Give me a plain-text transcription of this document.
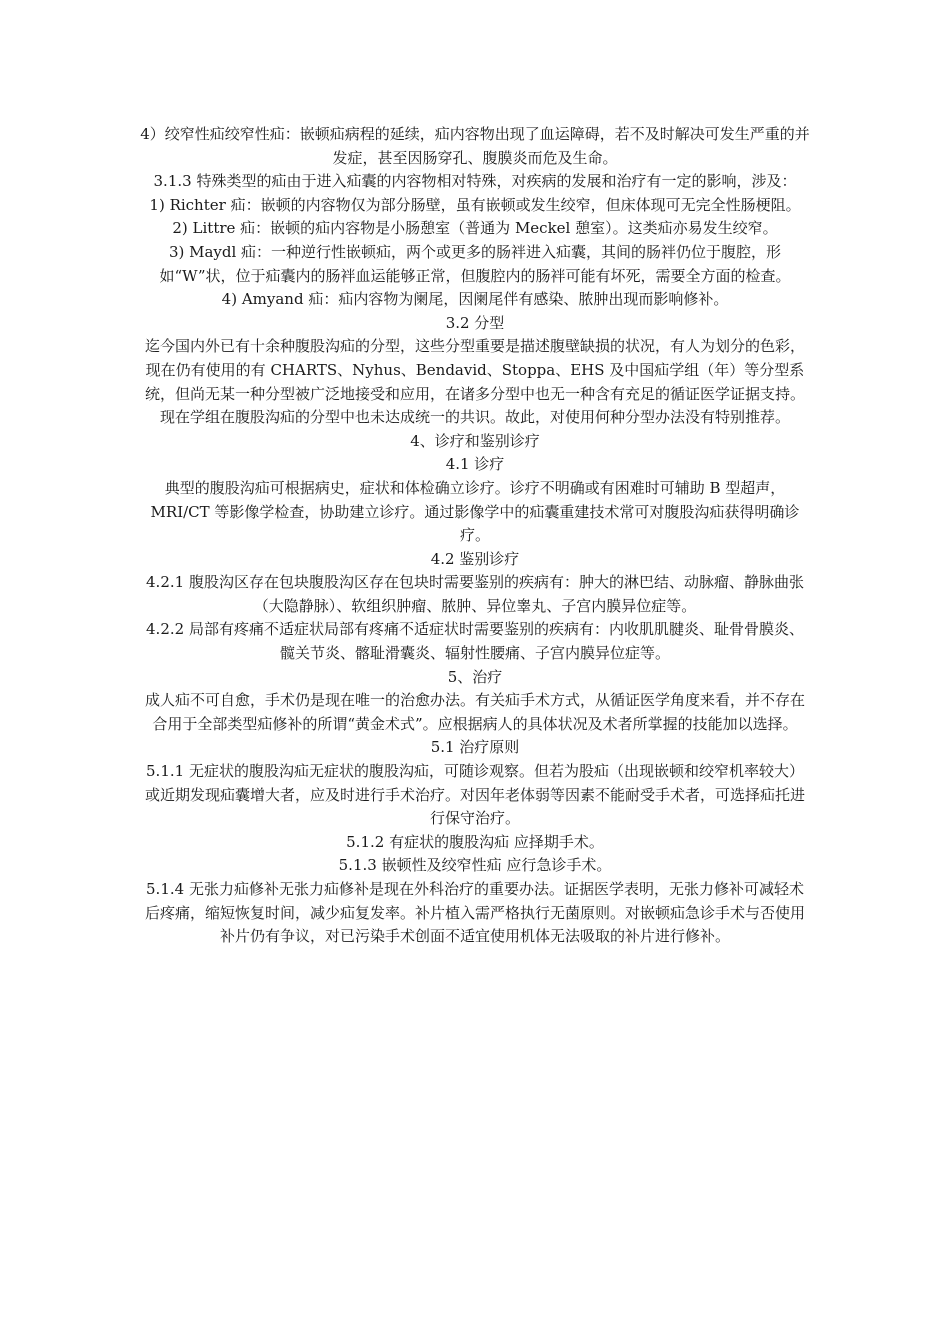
4）绞窄性疝绞窄性疝：嵌顿疝病程的延续，疝内容物出现了血运障碍，若不及时解决可发生严重的并发症，甚至因肠穿孔、腹膜炎而危及生命。

3.1.3 特殊类型的疝由于进入疝囊的内容物相对特殊，对疾病的发展和治疗有一定的影响，涉及：

1) Richter 疝：嵌顿的内容物仅为部分肠壁，虽有嵌顿或发生绞窄，但床体现可无完全性肠梗阻。

2) Littre 疝：嵌顿的疝内容物是小肠憩室（普通为 Meckel 憩室）。这类疝亦易发生绞窄。

3) Maydl 疝：一种逆行性嵌顿疝，两个或更多的肠袢进入疝囊，其间的肠袢仍位于腹腔，形如“W”状，位于疝囊内的肠袢血运能够正常，但腹腔内的肠袢可能有坏死，需要全方面的检查。

4) Amyand 疝：疝内容物为阑尾，因阑尾伴有感染、脓肿出现而影响修补。

3.2 分型

迄今国内外已有十余种腹股沟疝的分型，这些分型重要是描述腹壁缺损的状况，有人为划分的色彩，现在仍有使用的有 CHARTS、Nyhus、Bendavid、Stoppa、EHS 及中国疝学组（年）等分型系统，但尚无某一种分型被广泛地接受和应用，在诸多分型中也无一种含有充足的循证医学证据支持。现在学组在腹股沟疝的分型中也未达成统一的共识。故此，对使用何种分型办法没有特别推荐。

4、诊疗和鉴别诊疗

4.1 诊疗

典型的腹股沟疝可根据病史，症状和体检确立诊疗。诊疗不明确或有困难时可辅助 B 型超声，MRI/CT 等影像学检查，协助建立诊疗。通过影像学中的疝囊重建技术常可对腹股沟疝获得明确诊疗。

4.2 鉴别诊疗

4.2.1 腹股沟区存在包块腹股沟区存在包块时需要鉴别的疾病有：肿大的淋巴结、动脉瘤、静脉曲张（大隐静脉）、软组织肿瘤、脓肿、异位睾丸、子宫内膜异位症等。

4.2.2 局部有疼痛不适症状局部有疼痛不适症状时需要鉴别的疾病有：内收肌肌腱炎、耻骨骨膜炎、髋关节炎、髂耻滑囊炎、辐射性腰痛、子宫内膜异位症等。

5、治疗

成人疝不可自愈，手术仍是现在唯一的治愈办法。有关疝手术方式，从循证医学角度来看，并不存在合用于全部类型疝修补的所谓“黄金术式”。应根据病人的具体状况及术者所掌握的技能加以选择。

5.1 治疗原则

5.1.1 无症状的腹股沟疝无症状的腹股沟疝，可随诊观察。但若为股疝（出现嵌顿和绞窄机率较大）或近期发现疝囊增大者，应及时进行手术治疗。对因年老体弱等因素不能耐受手术者，可选择疝托进行保守治疗。

5.1.2 有症状的腹股沟疝 应择期手术。

5.1.3 嵌顿性及绞窄性疝 应行急诊手术。

5.1.4 无张力疝修补无张力疝修补是现在外科治疗的重要办法。证据医学表明，无张力修补可减轻术后疼痛，缩短恢复时间，减少疝复发率。补片植入需严格执行无菌原则。对嵌顿疝急诊手术与否使用补片仍有争议，对已污染手术创面不适宜使用机体无法吸取的补片进行修补。
